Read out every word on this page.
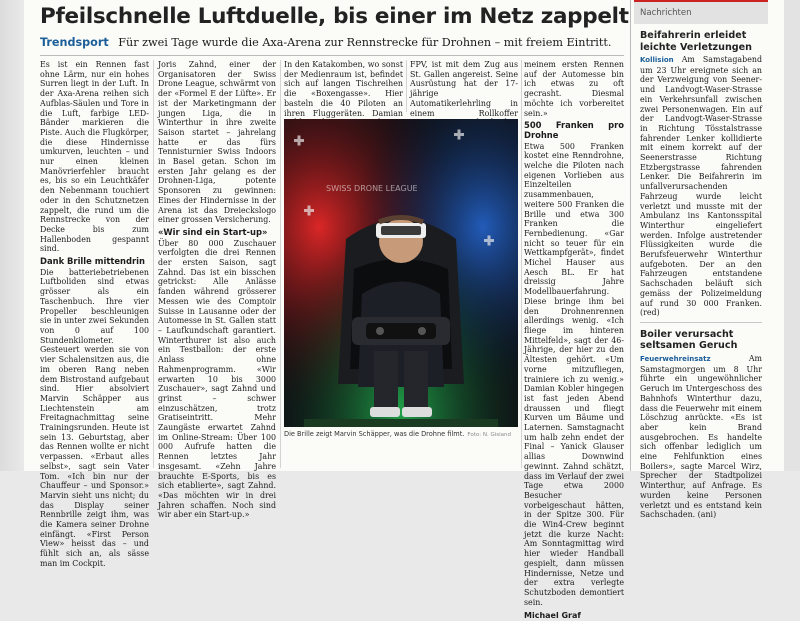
Pfeilschnelle Luftduelle, bis einer im Netz zappelt
Trendsport Für zwei Tage wurde die Axa-Arena zur Rennstrecke für Drohnen – mit freiem Eintritt.

Es ist ein Rennen fast ohne Lärm, nur ein hohes Surren liegt in der Luft. In der Axa-Arena reihen sich Aufblas-Säulen und Tore in die Luft, farbige LED-Bänder markieren die Piste. Auch die Flugkörper, die diese Hindernisse umkurven, leuchten – und nur einen kleinen Manövrierfehler braucht es, bis so ein Leuchtkäfer den Nebenmann touchiert oder in den Schutznetzen zappelt, die rund um die Rennstrecke von der Decke bis zum Hallenboden gespannt sind.

Dank Brille mittendrin

Die batteriebetriebenen Luftboliden sind etwas grösser als ein Taschenbuch. Ihre vier Propeller beschleunigen sie in unter zwei Sekunden von 0 auf 100 Stundenkilometer. Gesteuert werden sie von vier Schalensitzen aus, die im oberen Rang neben dem Bistrostand aufgebaut sind. Hier absolviert Marvin Schäpper aus Liechtenstein am Freitagnachmittag seine Trainingsrunden. Heute ist sein 13. Geburtstag, aber das Rennen wollte er nicht verpassen. «Erbaut alles selbst», sagt sein Vater Tom. «Ich bin nur der Chauffeur – und Sponsor.» Marvin sieht uns nicht; du das Display seiner Rennbrille zeigt ihm, was die Kamera seiner Drohne einfängt. «First Person View» heisst das – und fühlt sich an, als sässe man im Cockpit.

Joris Zahnd, einer der Organisatoren der Swiss Drone League, schwärmt von der «Formel E der Lüfte». Er ist der Marketingmann der jungen Liga, die in Winterthur in ihre zweite Saison startet – jahrelang hatte er das fürs Tennisturnier Swiss Indoors in Basel getan. Schon im ersten Jahr gelang es der Drohnen-Liga, potente Sponsoren zu gewinnen: Eines der Hindernisse in der Arena ist das Dreieckslogo einer grossen Versicherung.

«Wir sind ein Start-up»

Über 80 000 Zuschauer verfolgten die drei Rennen der ersten Saison, sagt Zahnd. Das ist ein bisschen getrickst: Alle Anlässe fanden während grösserer Messen wie des Comptoir Suisse in Lausanne oder der Automesse in St. Gallen statt – Laufkundschaft garantiert. Winterthurer ist also auch ein Testballon: der erste Anlass ohne Rahmenprogramm. «Wir erwarten 10 bis 3000 Zuschauer», sagt Zahnd und grinst – schwer einzuschätzen, trotz Gratiseintritt. Mehr Zaungäste erwartet Zahnd im Online-Stream: Über 100 000 Aufrufe hatten die Rennen letztes Jahr insgesamt. «Zehn Jahre brauchte E-Sports, bis es sich etablierte», sagt Zahnd. «Das möchten wir in drei Jahren schaffen. Noch sind wir aber ein Start-up.»

In den Katakomben, wo sonst der Medienraum ist, befindet sich auf langen Tischreihen die «Boxengasse». Hier basteln die 40 Piloten an ihren Fluggeräten. Damian

FPV, ist mit dem Zug aus St. Gallen angereist. Seine Ausrüstung hat der 17-jährige Automatikerlehrling in einem Rollkoffer

SWISS DRONE LEAGUE
Die Brille zeigt Marvin Schäpper, was die Drohne filmt. Foto: N. Gisiand

meinem ersten Rennen auf der Automesse bin ich etwas zu oft gecrasht. Diesmal möchte ich vorbereitet sein.»

500 Franken pro Drohne

Etwa 500 Franken kostet eine Renndrohne, welche die Piloten nach eigenen Vorlieben aus Einzelteilen zusammenbauen, weitere 500 Franken die Brille und etwa 300 Franken die Fernbedienung. «Gar nicht so teuer für ein Wettkampfgerät», findet Michel Hauser aus Aesch BL. Er hat dreissig Jahre Modellbauerfahrung. Diese bringe ihm bei den Drohnenrennen allerdings wenig. «Ich fliege im hinteren Mittelfeld», sagt der 46-Jährige, der hier zu den Ältesten gehört. «Um vorne mitzufliegen, trainiere ich zu wenig.» Damian Kobler hingegen ist fast jeden Abend draussen und fliegt Kurven um Bäume und Laternen. Samstagnacht um halb zehn endet der Final – Yanick Glauser allias Downwind gewinnt. Zahnd schätzt, dass im Verlauf der zwei Tage etwa 2000 Besucher vorbeigeschaut hätten, in der Spitze 300. Für die Win4-Crew beginnt jetzt die kurze Nacht: Am Sonntagmittag wird hier wieder Handball gespielt, dann müssen Hindernisse, Netze und der extra verlegte Schutzboden demontiert sein.

Michael Graf

Nachrichten
Beifahrerin erleidet leichte Verletzungen
Kollision Am Samstagabend um 23 Uhr ereignete sich an der Verzweigung von Seener- und Landvogt-Waser-Strasse ein Verkehrsunfall zwischen zwei Personenwagen. Ein auf der Landvogt-Waser-Strasse in Richtung Tösstalstrasse fahrender Lenker kollidierte mit einem korrekt auf der Seenerstrasse Richtung Etzbergstrasse fahrenden Lenker. Die Beifahrerin im unfallverursachenden Fahrzeug wurde leicht verletzt und musste mit der Ambulanz ins Kantonsspital Winterthur eingeliefert werden. Infolge austretender Flüssigkeiten wurde die Berufsfeuerwehr Winterthur aufgeboten. Der an den Fahrzeugen entstandene Sachschaden beläuft sich gemäss der Polizeimeldung auf rund 30 000 Franken. (red)
Boiler verursacht seltsamen Geruch
Feuerwehreinsatz	Am Samstagmorgen um 8 Uhr führte ein ungewöhnlicher Geruch im Untergeschoss des Bahnhofs Winterthur dazu, dass die Feuerwehr mit einem Löschzug anrückte. «Es ist aber kein Brand ausgebrochen. Es handelte sich offenbar lediglich um eine Fehlfunktion eines Boilers», sagte Marcel Wirz, Sprecher der Stadtpolizei Winterthur, auf Anfrage. Es wurden keine Personen verletzt und es entstand kein Sachschaden. (ani)
